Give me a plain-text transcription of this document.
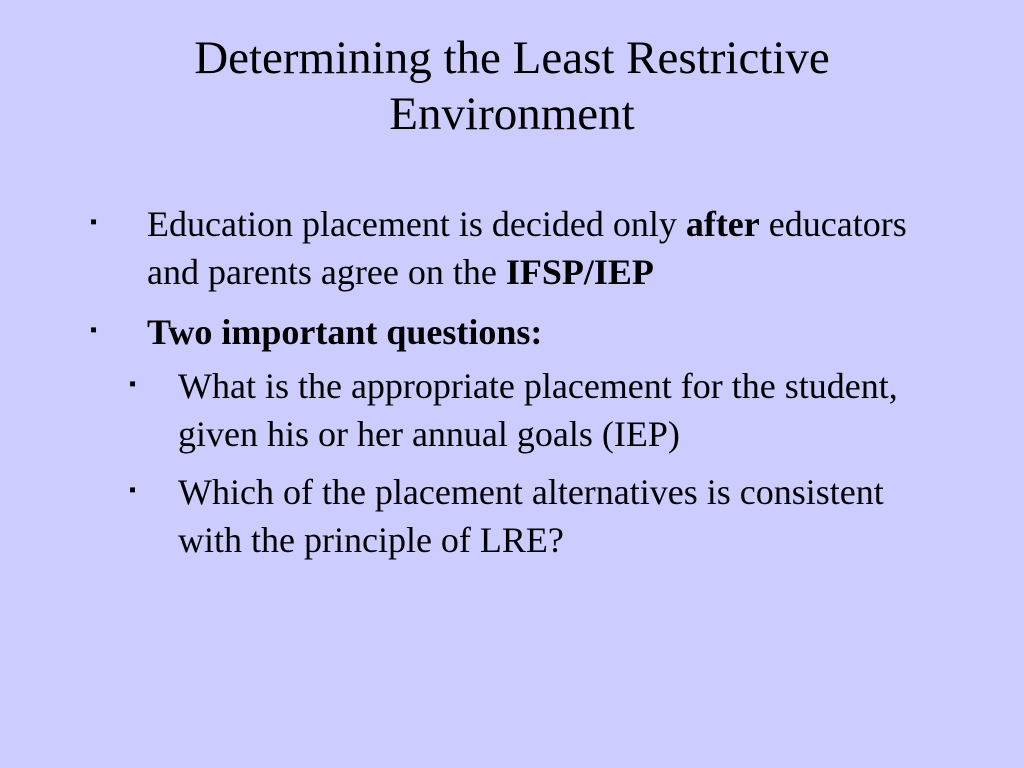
Determining the Least Restrictive
Environment
▪ Education placement is decided only after educators and parents agree on the IFSP/IEP
▪ Two important questions:
▪ What is the appropriate placement for the student, given his or her annual goals (IEP)
▪ Which of the placement alternatives is consistent with the principle of LRE?
